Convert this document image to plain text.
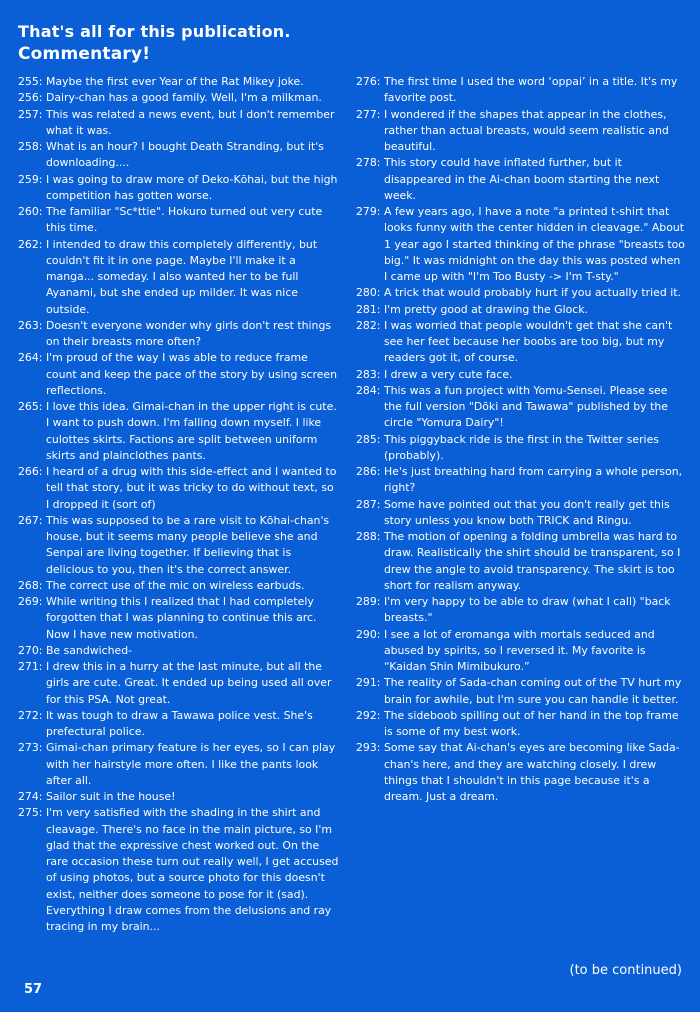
That's all for this publication.
Commentary!
255:
Maybe the first ever Year of the Rat Mikey joke.
256:
Dairy-chan has a good family. Well, I'm a milkman.
257:
This was related a news event, but I don't remember what it was.
258:
What is an hour? I bought Death Stranding, but it's downloading....
259:
I was going to draw more of Deko-Kōhai, but the high competition has gotten worse.
260:
The familiar "Sc*ttie". Hokuro turned out very cute this time.
262:
I intended to draw this completely differently, but couldn't fit it in one page. Maybe I'll make it a manga... someday. I also wanted her to be full Ayanami, but she ended up milder. It was nice outside.
263:
Doesn't everyone wonder why girls don't rest things on their breasts more often?
264:
I'm proud of the way I was able to reduce frame count and keep the pace of the story by using screen reflections.
265:
I love this idea. Gimai-chan in the upper right is cute. I want to push down. I'm falling down myself. I like culottes skirts. Factions are split between uniform skirts and plainclothes pants.
266:
I heard of a drug with this side-effect and I wanted to tell that story, but it was tricky to do without text, so I dropped it (sort of)
267:
This was supposed to be a rare visit to Kōhai-chan's house, but it seems many people believe she and Senpai are living together. If believing that is delicious to you, then it's the correct answer.
268:
The correct use of the mic on wireless earbuds.
269:
While writing this I realized that I had completely forgotten that I was planning to continue this arc. Now I have new motivation.
270:
Be sandwiched-
271:
I drew this in a hurry at the last minute, but all the girls are cute. Great. It ended up being used all over for this PSA. Not great.
272:
It was tough to draw a Tawawa police vest. She's prefectural police.
273:
Gimai-chan primary feature is her eyes, so I can play with her hairstyle more often. I like the pants look after all.
274:
Sailor suit in the house!
275:
I'm very satisfied with the shading in the shirt and cleavage. There's no face in the main picture, so I'm glad that the expressive chest worked out. On the rare occasion these turn out really well, I get accused of using photos, but a source photo for this doesn't exist, neither does someone to pose for it (sad). Everything I draw comes from the delusions and ray tracing in my brain...
276:
The first time I used the word ‘oppai’ in a title. It's my favorite post.
277:
I wondered if the shapes that appear in the clothes, rather than actual breasts, would seem realistic and beautiful.
278:
This story could have inflated further, but it disappeared in the Ai-chan boom starting the next week.
279:
A few years ago, I have a note "a printed t-shirt that looks funny with the center hidden in cleavage." About 1 year ago I started thinking of the phrase "breasts too big." It was midnight on the day this was posted when I came up with "I'm Too Busty -> I'm T-sty."
280:
A trick that would probably hurt if you actually tried it.
281:
I'm pretty good at drawing the Glock.
282:
I was worried that people wouldn't get that she can't see her feet because her boobs are too big, but my readers got it, of course.
283:
I drew a very cute face.
284:
This was a fun project with Yomu-Sensei. Please see the full version "Dōki and Tawawa" published by the circle "Yomura Dairy"!
285:
This piggyback ride is the first in the Twitter series (probably).
286:
He's just breathing hard from carrying a whole person, right?
287:
Some have pointed out that you don't really get this story unless you know both TRICK and Ringu.
288:
The motion of opening a folding umbrella was hard to draw. Realistically the shirt should be transparent, so I drew the angle to avoid transparency. The skirt is too short for realism anyway.
289:
I'm very happy to be able to draw (what I call) "back breasts."
290:
I see a lot of eromanga with mortals seduced and abused by spirits, so I reversed it. My favorite is “Kaidan Shin Mimibukuro.”
291:
The reality of Sada-chan coming out of the TV hurt my brain for awhile, but I'm sure you can handle it better.
292:
The sideboob spilling out of her hand in the top frame is some of my best work.
293:
Some say that Ai-chan's eyes are becoming like Sada-chan's here, and they are watching closely. I drew things that I shouldn't in this page because it's a dream. Just a dream.
(to be continued)
57
